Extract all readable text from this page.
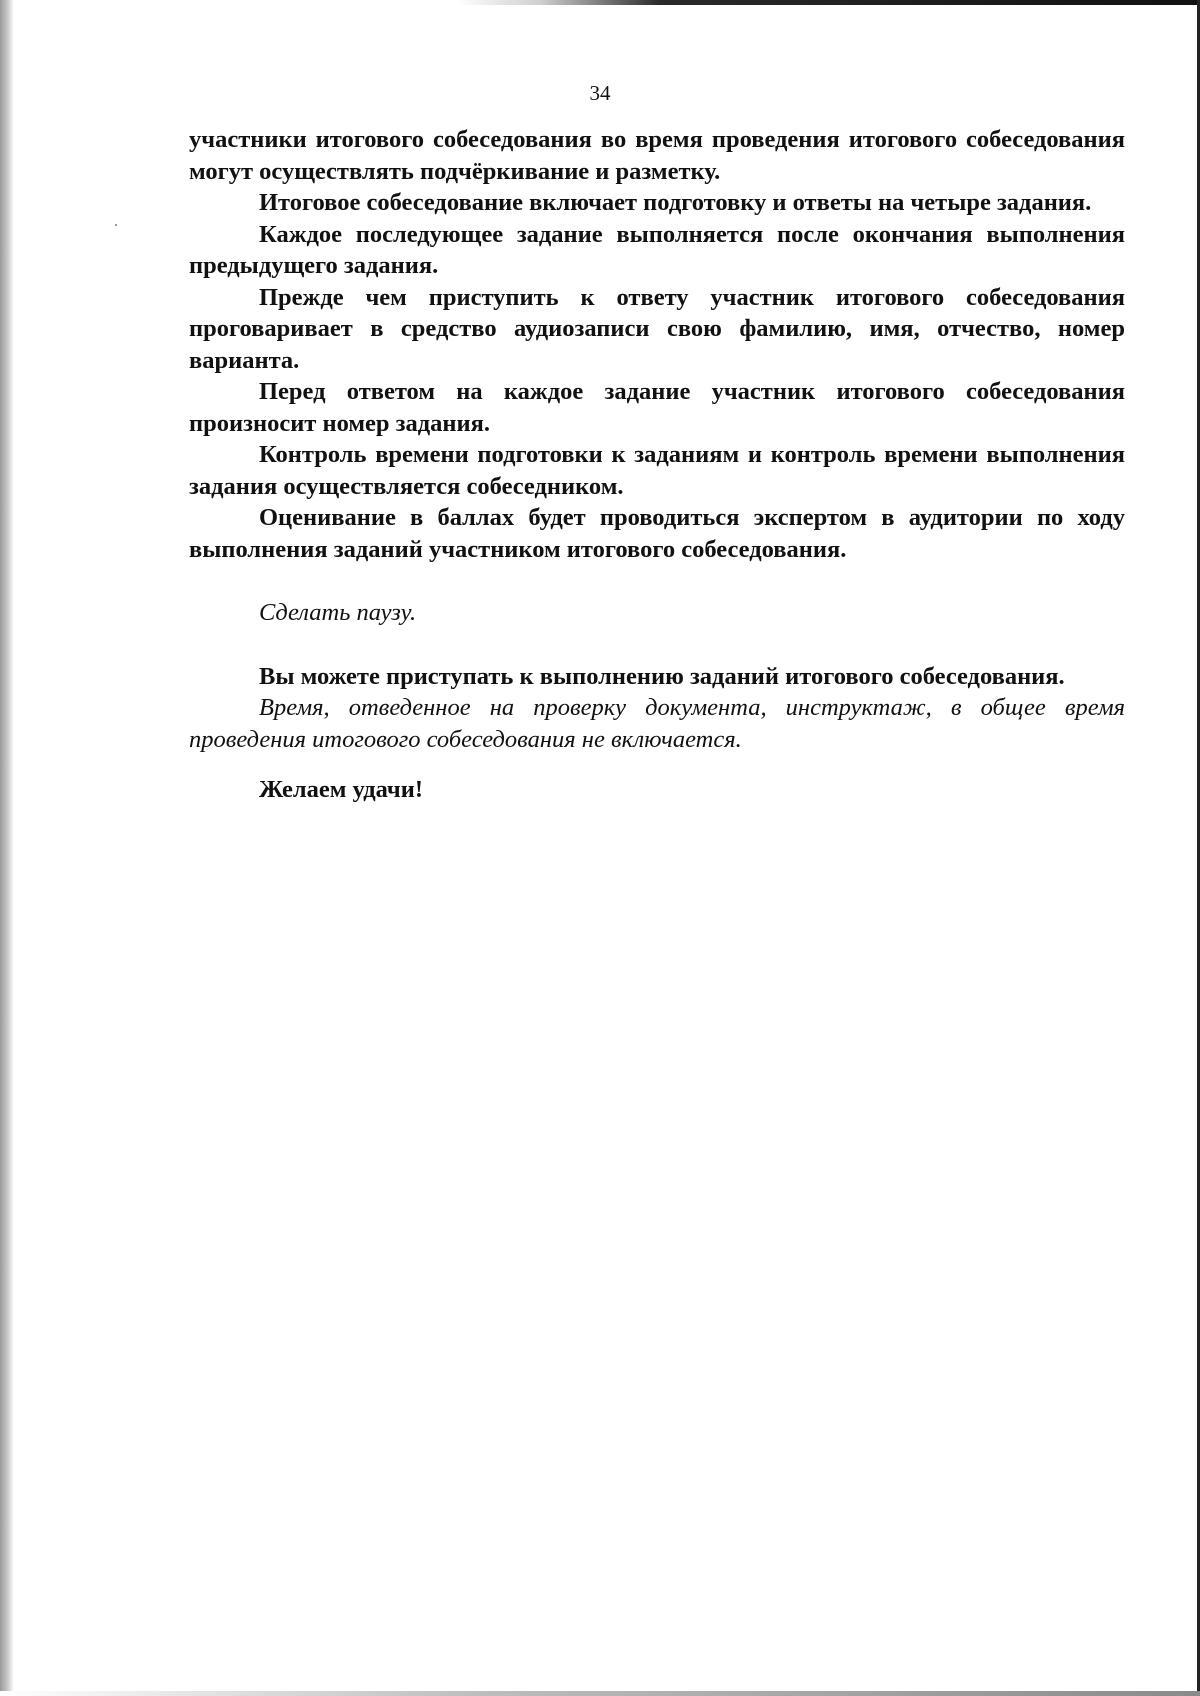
34

участники итогового собеседования во время проведения итогового собеседования могут осуществлять подчёркивание и разметку.

Итоговое собеседование включает подготовку и ответы на четыре задания.

Каждое последующее задание выполняется после окончания выполнения предыдущего задания.

Прежде чем приступить к ответу участник итогового собеседования проговаривает в средство аудиозаписи свою фамилию, имя, отчество, номер варианта.

Перед ответом на каждое задание участник итогового собеседования произносит номер задания.

Контроль времени подготовки к заданиям и контроль времени выполнения задания осуществляется собеседником.

Оценивание в баллах будет проводиться экспертом в аудитории по ходу выполнения заданий участником итогового собеседования.

Сделать паузу.

Вы можете приступать к выполнению заданий итогового собеседования.

Время, отведенное на проверку документа, инструктаж, в общее время проведения итогового собеседования не включается.

Желаем удачи!
